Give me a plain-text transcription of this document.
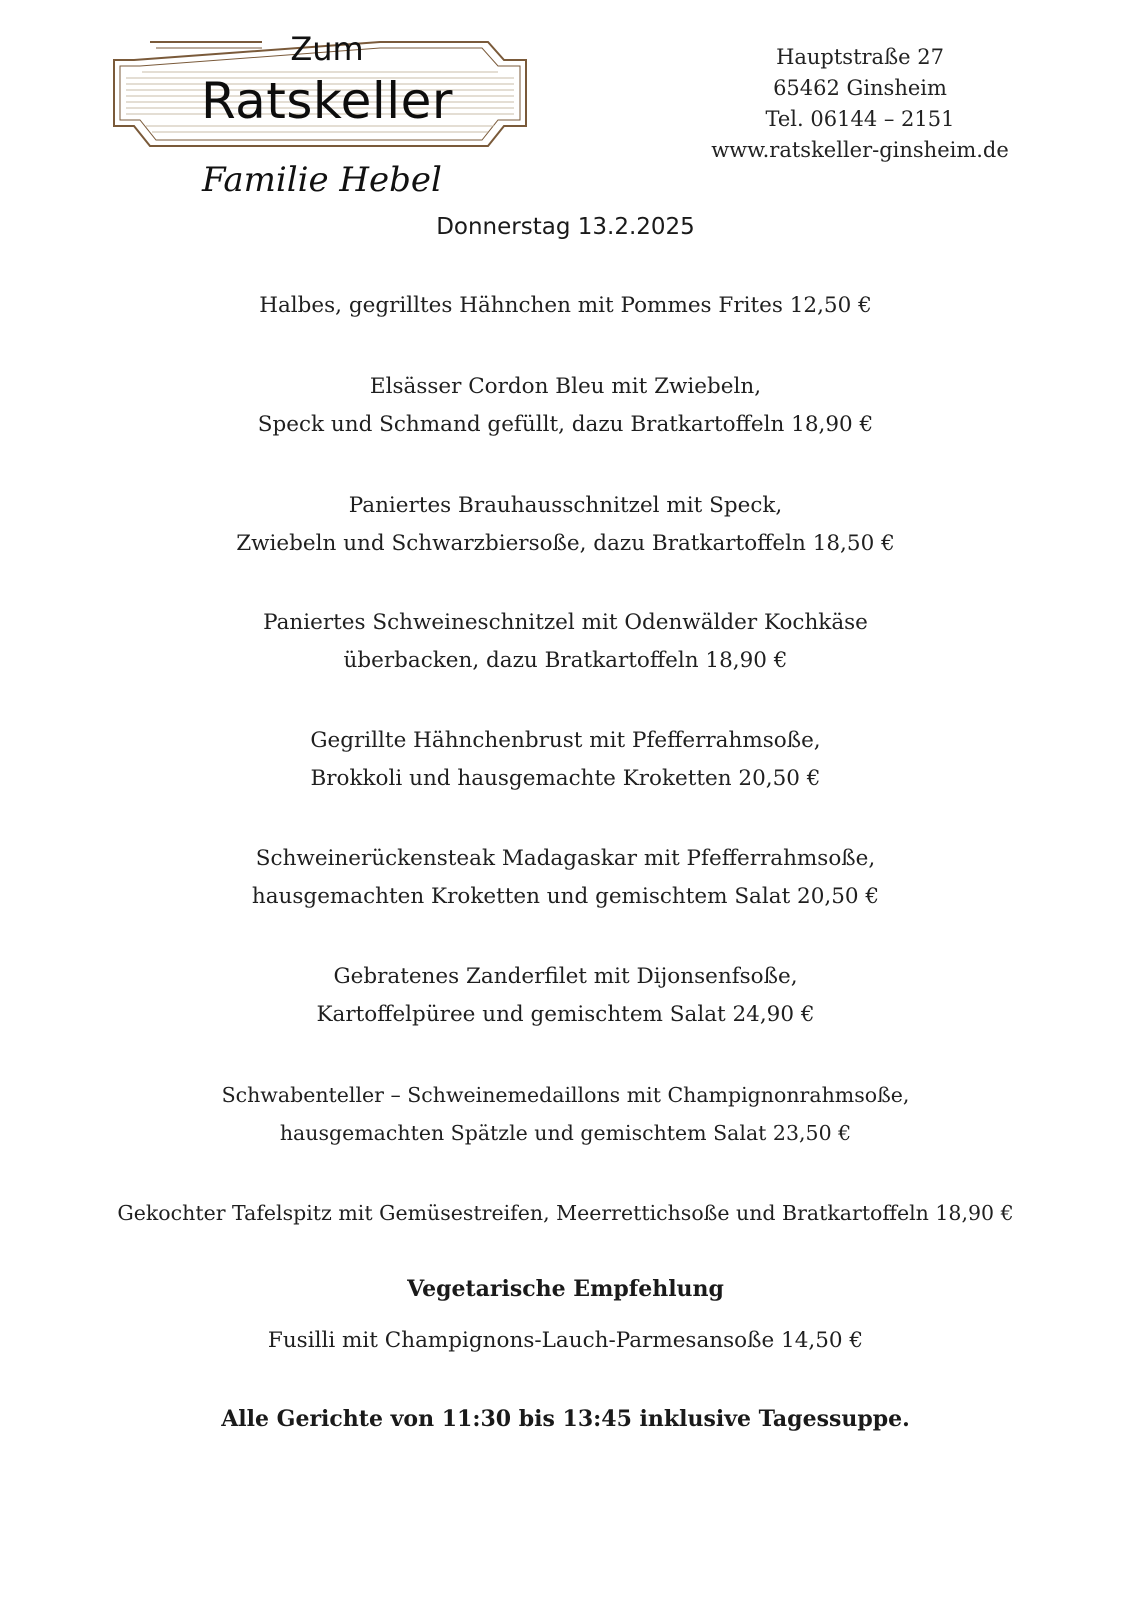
Zum
Ratskeller
Familie Hebel
Hauptstraße 27
65462 Ginsheim
Tel. 06144 – 2151
www.ratskeller-ginsheim.de
Donnerstag 13.2.2025
Halbes, gegrilltes Hähnchen mit Pommes Frites 12,50 €
Elsässer Cordon Bleu mit Zwiebeln,
Speck und Schmand gefüllt, dazu Bratkartoffeln 18,90 €
Paniertes Brauhausschnitzel mit Speck,
Zwiebeln und Schwarzbiersoße, dazu Bratkartoffeln 18,50 €
Paniertes Schweineschnitzel mit Odenwälder Kochkäse
überbacken, dazu Bratkartoffeln 18,90 €
Gegrillte Hähnchenbrust mit Pfefferrahmsoße,
Brokkoli und hausgemachte Kroketten 20,50 €
Schweinerückensteak Madagaskar mit Pfefferrahmsoße,
hausgemachten Kroketten und gemischtem Salat 20,50 €
Gebratenes Zanderfilet mit Dijonsenfsoße,
Kartoffelpüree und gemischtem Salat 24,90 €
Schwabenteller – Schweinemedaillons mit Champignonrahmsoße,
hausgemachten Spätzle und gemischtem Salat 23,50 €
Gekochter Tafelspitz mit Gemüsestreifen, Meerrettichsoße und Bratkartoffeln 18,90 €
Vegetarische Empfehlung
Fusilli mit Champignons-Lauch-Parmesansoße 14,50 €
Alle Gerichte von 11:30 bis 13:45 inklusive Tagessuppe.
